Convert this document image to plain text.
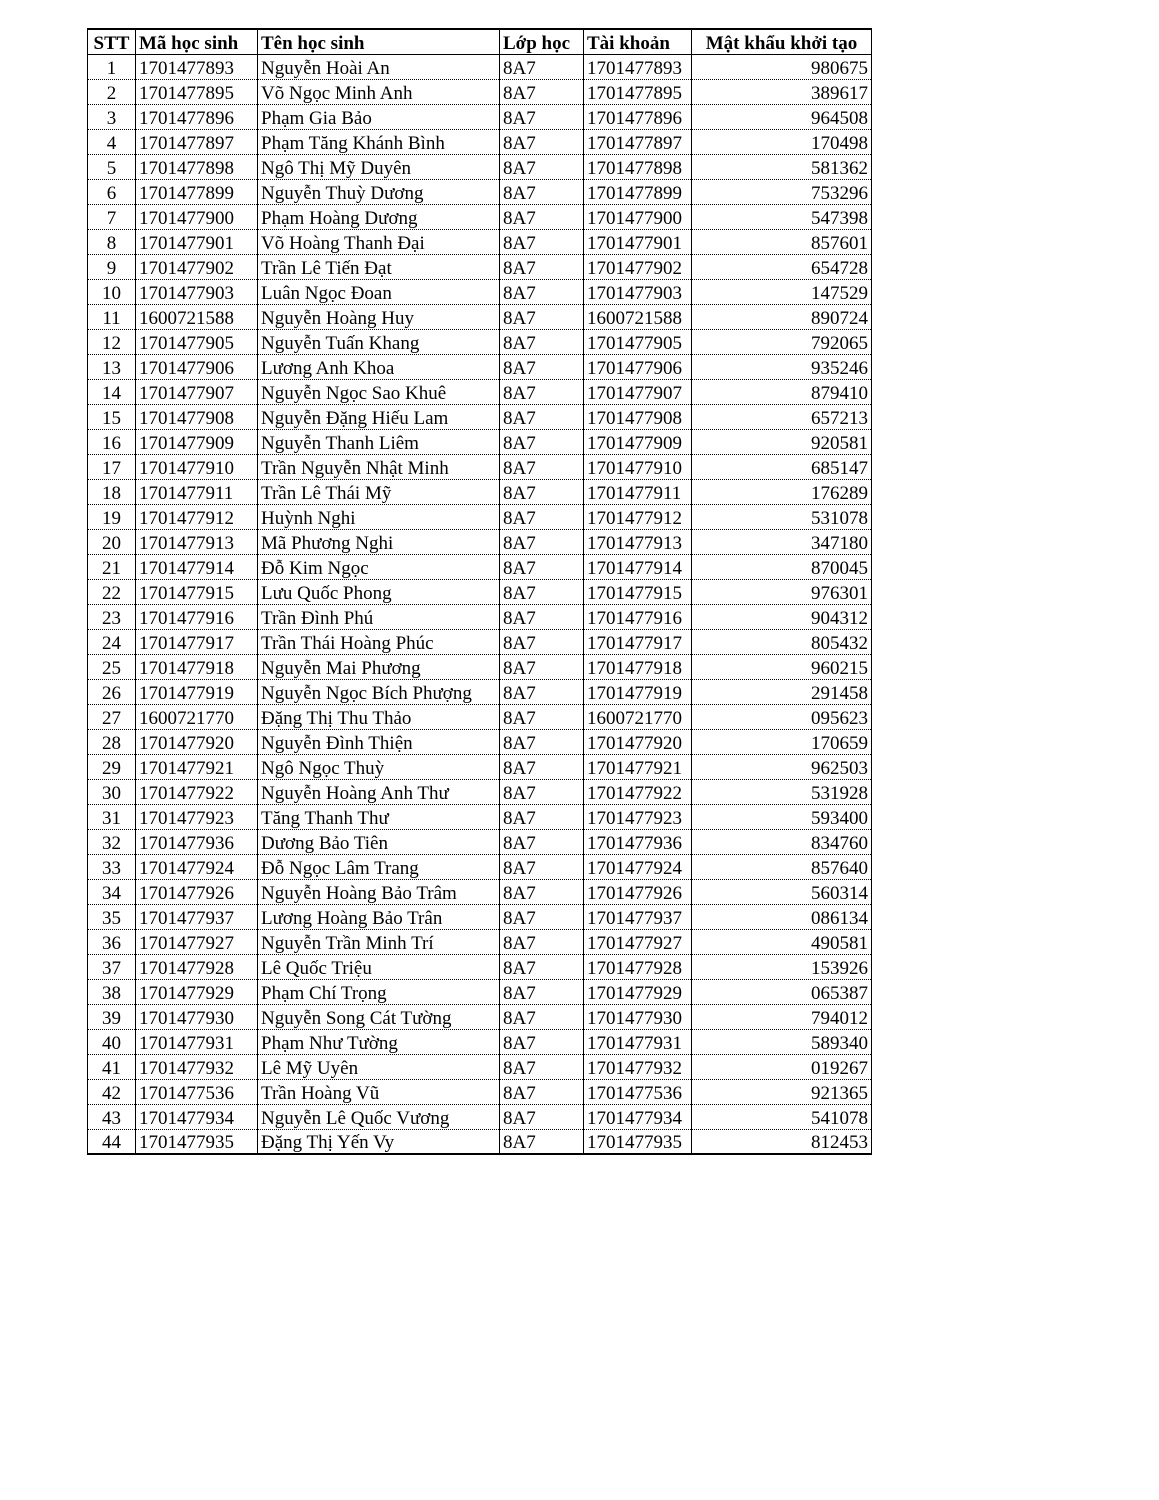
STT	Mã học sinh	Tên học sinh	Lớp học	Tài khoản	Mật khẩu khởi tạo
1	1701477893	Nguyễn Hoài An	8A7	1701477893	980675
2	1701477895	Võ Ngọc Minh Anh	8A7	1701477895	389617
3	1701477896	Phạm Gia Bảo	8A7	1701477896	964508
4	1701477897	Phạm Tăng Khánh Bình	8A7	1701477897	170498
5	1701477898	Ngô Thị Mỹ Duyên	8A7	1701477898	581362
6	1701477899	Nguyễn Thuỳ Dương	8A7	1701477899	753296
7	1701477900	Phạm Hoàng Dương	8A7	1701477900	547398
8	1701477901	Võ Hoàng Thanh Đại	8A7	1701477901	857601
9	1701477902	Trần Lê Tiến Đạt	8A7	1701477902	654728
10	1701477903	Luân Ngọc Đoan	8A7	1701477903	147529
11	1600721588	Nguyễn Hoàng Huy	8A7	1600721588	890724
12	1701477905	Nguyễn Tuấn Khang	8A7	1701477905	792065
13	1701477906	Lương Anh Khoa	8A7	1701477906	935246
14	1701477907	Nguyễn Ngọc Sao Khuê	8A7	1701477907	879410
15	1701477908	Nguyễn Đặng Hiếu Lam	8A7	1701477908	657213
16	1701477909	Nguyễn Thanh Liêm	8A7	1701477909	920581
17	1701477910	Trần Nguyễn Nhật Minh	8A7	1701477910	685147
18	1701477911	Trần Lê Thái Mỹ	8A7	1701477911	176289
19	1701477912	Huỳnh Nghi	8A7	1701477912	531078
20	1701477913	Mã Phương Nghi	8A7	1701477913	347180
21	1701477914	Đỗ Kim Ngọc	8A7	1701477914	870045
22	1701477915	Lưu Quốc Phong	8A7	1701477915	976301
23	1701477916	Trần Đình Phú	8A7	1701477916	904312
24	1701477917	Trần Thái Hoàng Phúc	8A7	1701477917	805432
25	1701477918	Nguyễn Mai Phương	8A7	1701477918	960215
26	1701477919	Nguyễn Ngọc Bích Phượng	8A7	1701477919	291458
27	1600721770	Đặng Thị Thu Thảo	8A7	1600721770	095623
28	1701477920	Nguyễn Đình Thiện	8A7	1701477920	170659
29	1701477921	Ngô Ngọc Thuỳ	8A7	1701477921	962503
30	1701477922	Nguyễn Hoàng Anh Thư	8A7	1701477922	531928
31	1701477923	Tăng Thanh Thư	8A7	1701477923	593400
32	1701477936	Dương Bảo Tiên	8A7	1701477936	834760
33	1701477924	Đỗ Ngọc Lâm Trang	8A7	1701477924	857640
34	1701477926	Nguyễn Hoàng Bảo Trâm	8A7	1701477926	560314
35	1701477937	Lương Hoàng Bảo Trân	8A7	1701477937	086134
36	1701477927	Nguyễn Trần Minh Trí	8A7	1701477927	490581
37	1701477928	Lê Quốc Triệu	8A7	1701477928	153926
38	1701477929	Phạm Chí Trọng	8A7	1701477929	065387
39	1701477930	Nguyễn Song Cát Tường	8A7	1701477930	794012
40	1701477931	Phạm Như Tường	8A7	1701477931	589340
41	1701477932	Lê Mỹ Uyên	8A7	1701477932	019267
42	1701477536	Trần Hoàng Vũ	8A7	1701477536	921365
43	1701477934	Nguyễn Lê Quốc Vương	8A7	1701477934	541078
44	1701477935	Đặng Thị Yến Vy	8A7	1701477935	812453
